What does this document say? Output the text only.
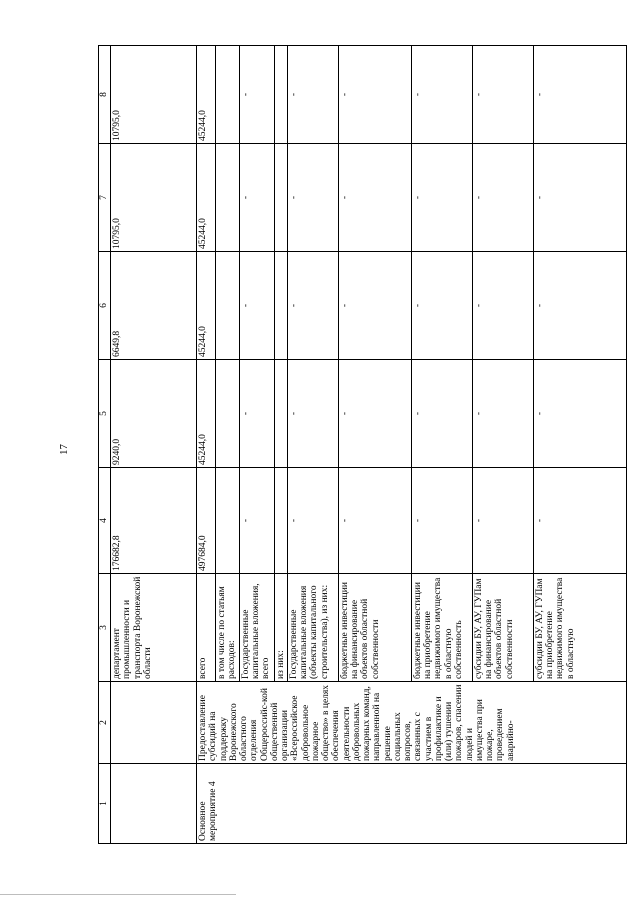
17
1	2	3	4	5	6	7	8
		департамент промышленности и транспорта Воронежской области	176682,8	9240,0	6649,8	10795,0	10795,0
Основное мероприятие 4	Предоставление субсидий на поддержку Воронежского областного отделения Общероссийс-кой общественной организации «Всероссийское добровольное пожарное общество» в целях обеспечения деятельности добровольных пожарных команд, направленной на решение социальных вопросов, связанных с участием в профилактике и (или) тушении пожаров, спасении людей и имущества при пожаре, проведением аварийно-	всего	497684,0	45244,0	45244,0	45244,0	45244,0
		в том числе по статьям расходов:					
		Государственные капитальные вложения, всего	-	-	-	-	-
		из них:					
		Государственные капитальные вложения (объекты капитального строительства), из них:	-	-	-	-	-
		бюджетные инвестиции на финансирование объектов областной собственности	-	-	-	-	-
		бюджетные инвестиции на приобретение недвижимого имущества в областную собственность	-	-	-	-	-
		субсидии БУ, АУ, ГУПам на финансирование объектов областной собственности	-	-	-	-	-
		субсидии БУ, АУ, ГУПам на приобретение недвижимого имущества в областную	-	-	-	-	-
